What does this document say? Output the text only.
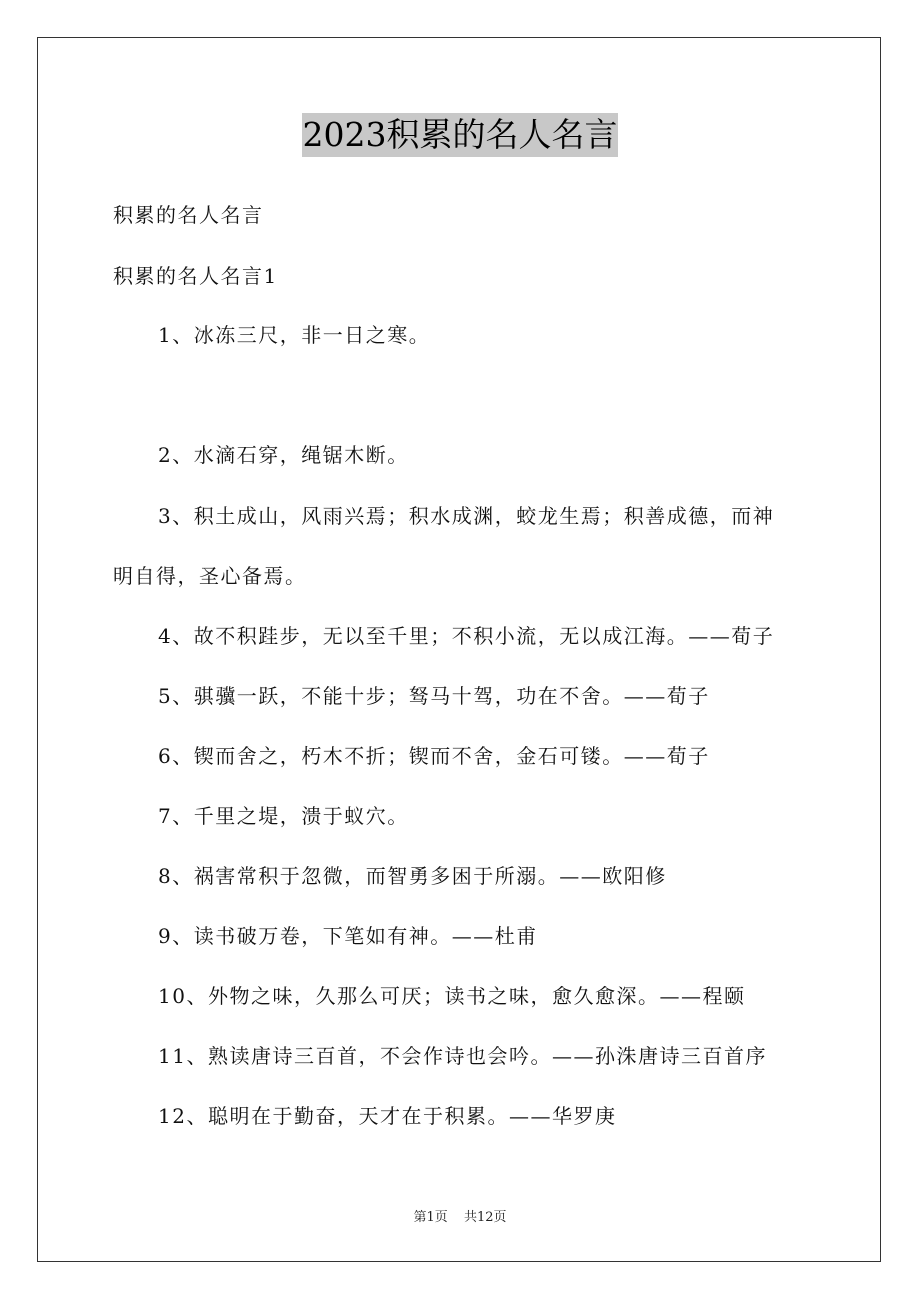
2023积累的名人名言
积累的名人名言
积累的名人名言1
1、冰冻三尺，非一日之寒。
2、水滴石穿，绳锯木断。
3、积土成山，风雨兴焉；积水成渊，蛟龙生焉；积善成德，而神
明自得，圣心备焉。
4、故不积跬步，无以至千里；不积小流，无以成江海。——荀子
5、骐骥一跃，不能十步；驽马十驾，功在不舍。——荀子
6、锲而舍之，朽木不折；锲而不舍，金石可镂。——荀子
7、千里之堤，溃于蚁穴。
8、祸害常积于忽微，而智勇多困于所溺。——欧阳修
9、读书破万卷，下笔如有神。——杜甫
10、外物之味，久那么可厌；读书之味，愈久愈深。——程颐
11、熟读唐诗三百首，不会作诗也会吟。——孙洙唐诗三百首序
12、聪明在于勤奋，天才在于积累。——华罗庚
第1页 共12页
